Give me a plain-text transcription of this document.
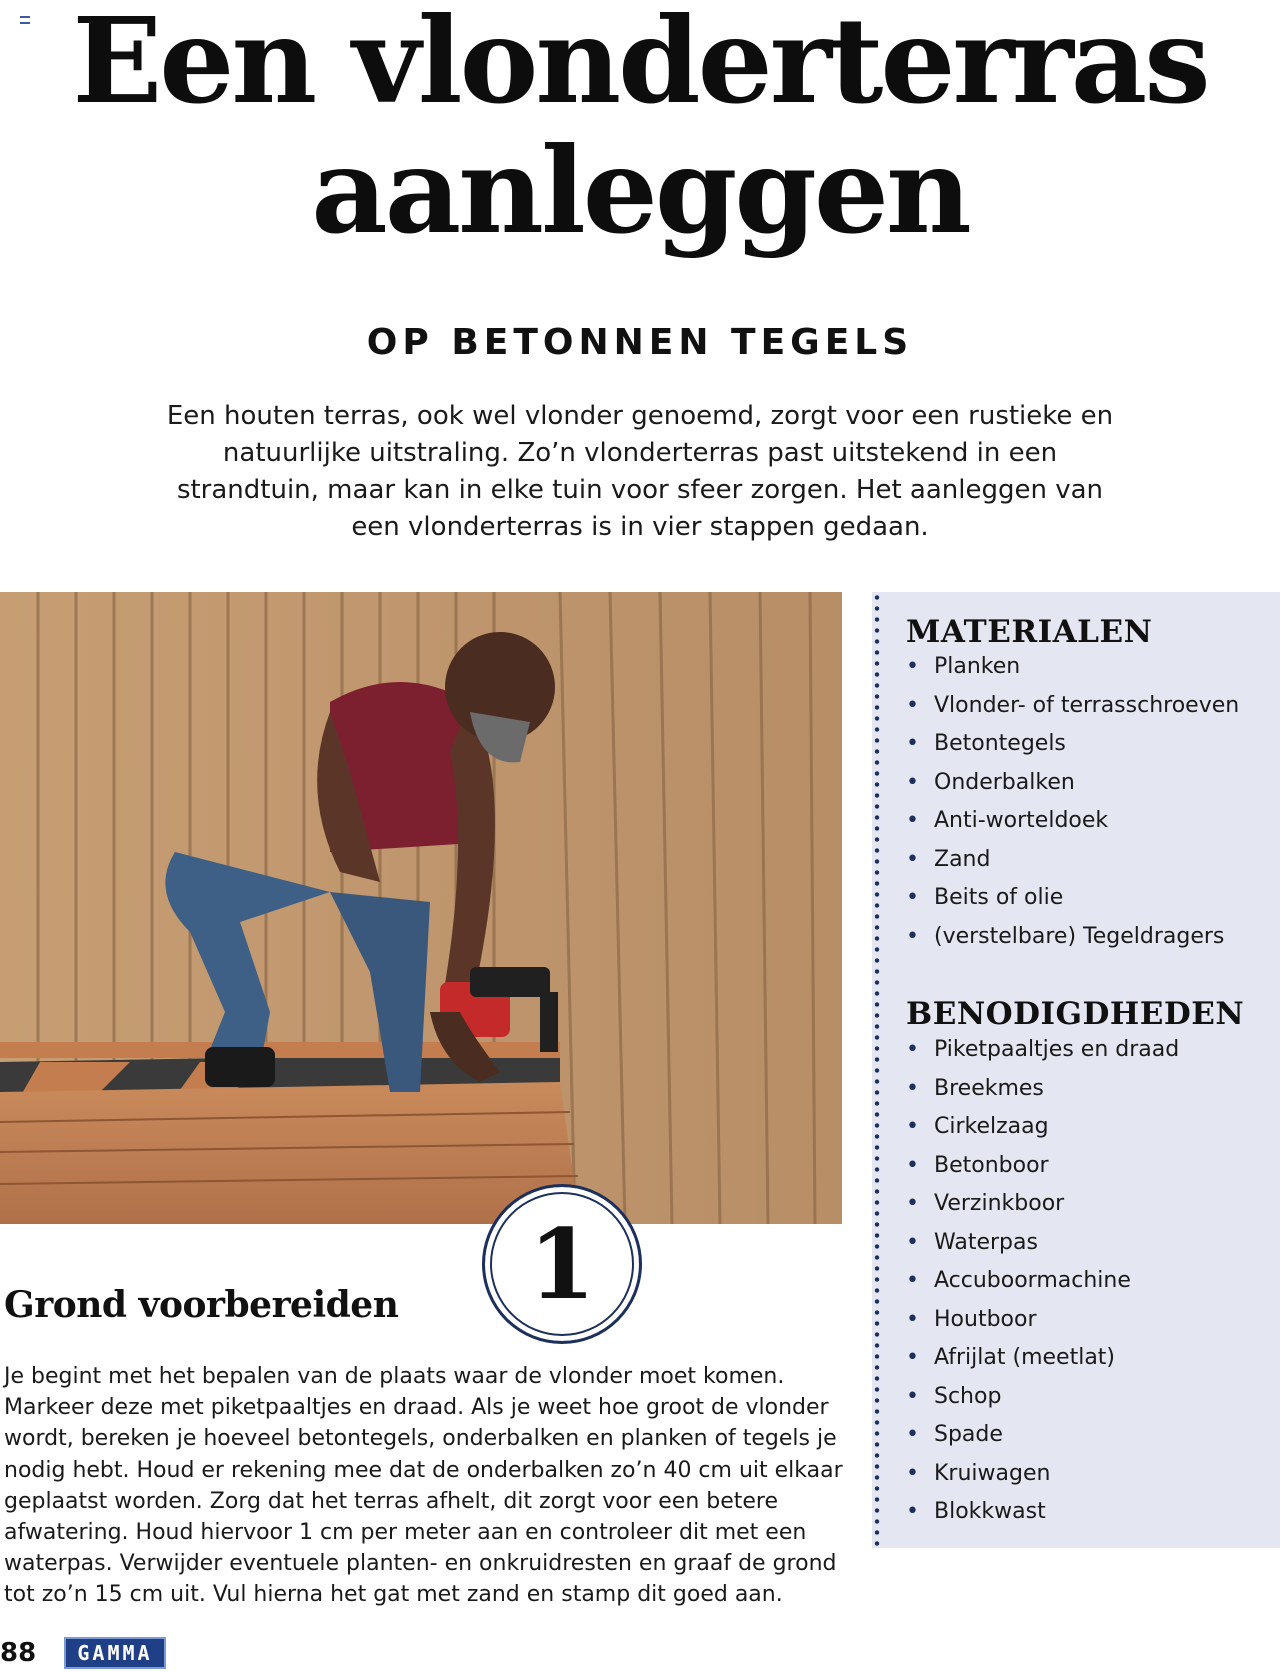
Een vlonderterras
aanleggen
OP BETONNEN TEGELS

Een houten terras, ook wel vlonder genoemd, zorgt voor een rustieke en natuurlijke uitstraling. Zo’n vlonderterras past uitstekend in een strandtuin, maar kan in elke tuin voor sfeer zorgen. Het aanleggen van een vlonderterras is in vier stappen gedaan.

1
Grond voorbereiden

Je begint met het bepalen van de plaats waar de vlonder moet komen. Markeer deze met piketpaaltjes en draad. Als je weet hoe groot de vlonder wordt, bereken je hoeveel betontegels, onderbalken en planken of tegels je nodig hebt. Houd er rekening mee dat de onderbalken zo’n 40 cm uit elkaar geplaatst worden. Zorg dat het terras afhelt, dit zorgt voor een betere afwatering. Houd hiervoor 1 cm per meter aan en controleer dit met een waterpas. Verwijder eventuele planten- en onkruidresten en graaf de grond tot zo’n 15 cm uit. Vul hierna het gat met zand en stamp dit goed aan.

MATERIALEN
• Planken
• Vlonder- of terrasschroeven
• Betontegels
• Onderbalken
• Anti-worteldoek
• Zand
• Beits of olie
• (verstelbare) Tegeldragers
BENODIGDHEDEN
• Piketpaaltjes en draad
• Breekmes
• Cirkelzaag
• Betonboor
• Verzinkboor
• Waterpas
• Accuboormachine
• Houtboor
• Afrijlat (meetlat)
• Schop
• Spade
• Kruiwagen
• Blokkwast
88	GAMMA
